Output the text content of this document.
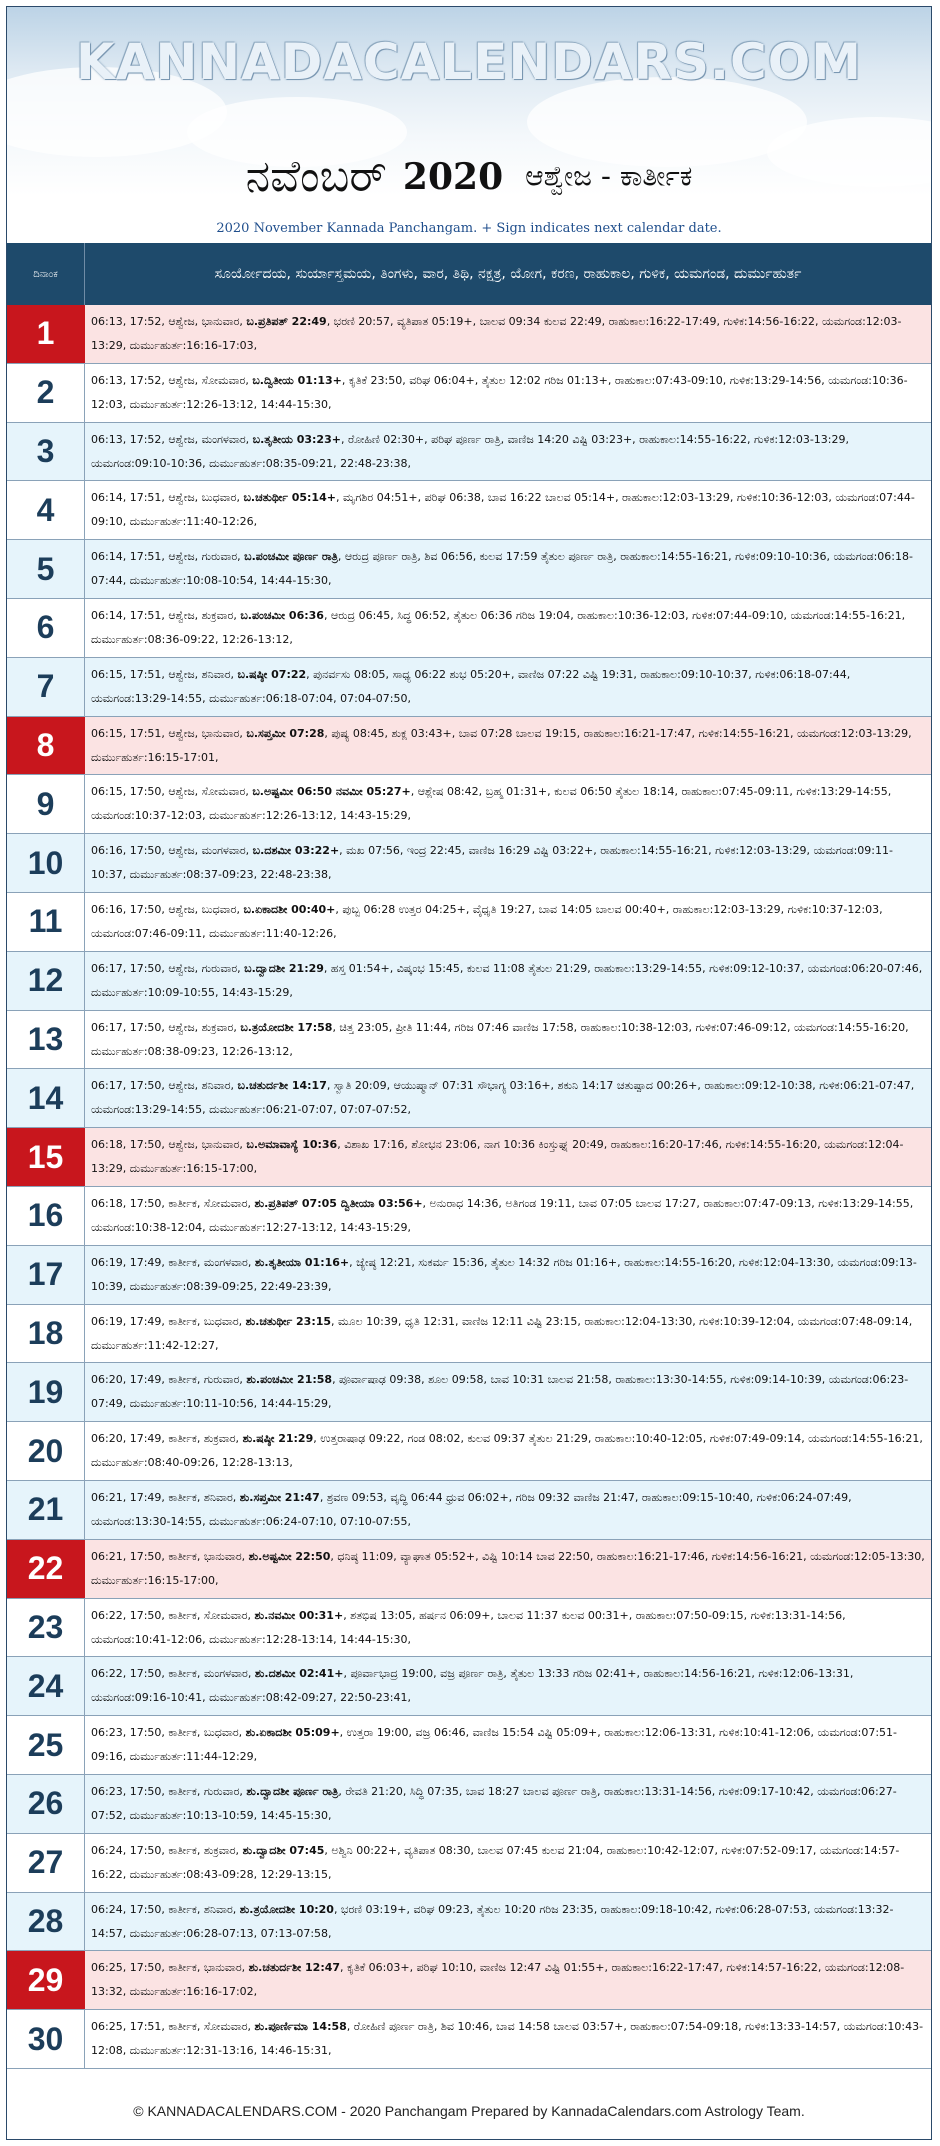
KANNADACALENDARS.COM
ನವೆಂಬರ್ 2020 ಆಶ್ವೇಜ - ಕಾರ್ತೀಕ
2020 November Kannada Panchangam. + Sign indicates next calendar date.
ದಿನಾಂಕ	ಸೂರ್ಯೋದಯ, ಸುರ್ಯಾಸ್ತಮಯ, ತಿಂಗಳು, ವಾರ, ತಿಥಿ, ನಕ್ಷತ್ರ, ಯೋಗ, ಕರಣ, ರಾಹುಕಾಲ, ಗುಳಿಕ, ಯಮಗಂಡ, ದುರ್ಮುಹುರ್ತ
1	06:13, 17:52, ಆಶ್ವೇಜ, ಭಾನುವಾರ, ಬ.ಪ್ರತಿಪತ್ 22:49, ಭರಣಿ 20:57, ವ್ಯತಿಪಾತ 05:19+, ಬಾಲವ 09:34 ಕುಲವ 22:49, ರಾಹುಕಾಲ:16:22-17:49, ಗುಳಿಕ:14:56-16:22, ಯಮಗಂಡ:12:03-13:29, ದುರ್ಮುಹುರ್ತ:16:16-17:03,
2	06:13, 17:52, ಆಶ್ವೇಜ, ಸೋಮವಾರ, ಬ.ದ್ವಿತೀಯ 01:13+, ಕೃತಿಕೆ 23:50, ವರಿಘ 06:04+, ತೈತುಲ 12:02 ಗರಿಜ 01:13+, ರಾಹುಕಾಲ:07:43-09:10, ಗುಳಿಕ:13:29-14:56, ಯಮಗಂಡ:10:36-12:03, ದುರ್ಮುಹುರ್ತ:12:26-13:12, 14:44-15:30,
3	06:13, 17:52, ಆಶ್ವೇಜ, ಮಂಗಳವಾರ, ಬ.ತೃತೀಯ 03:23+, ರೋಹಿಣಿ 02:30+, ಪರಿಘ ಪೂರ್ಣ ರಾತ್ರಿ, ವಾಣಿಜ 14:20 ವಿಷ್ಟಿ 03:23+, ರಾಹುಕಾಲ:14:55-16:22, ಗುಳಿಕ:12:03-13:29, ಯಮಗಂಡ:09:10-10:36, ದುರ್ಮುಹುರ್ತ:08:35-09:21, 22:48-23:38,
4	06:14, 17:51, ಆಶ್ವೇಜ, ಬುಧವಾರ, ಬ.ಚತುರ್ಥೀ 05:14+, ಮೃಗಶಿರ 04:51+, ಪರಿಘ 06:38, ಬಾವ 16:22 ಬಾಲವ 05:14+, ರಾಹುಕಾಲ:12:03-13:29, ಗುಳಿಕ:10:36-12:03, ಯಮಗಂಡ:07:44-09:10, ದುರ್ಮುಹುರ್ತ:11:40-12:26,
5	06:14, 17:51, ಆಶ್ವೇಜ, ಗುರುವಾರ, ಬ.ಪಂಚಮೀ ಪೂರ್ಣ ರಾತ್ರಿ, ಆರುದ್ರ ಪೂರ್ಣ ರಾತ್ರಿ, ಶಿವ 06:56, ಕುಲವ 17:59 ತೈತುಲ ಪೂರ್ಣ ರಾತ್ರಿ, ರಾಹುಕಾಲ:14:55-16:21, ಗುಳಿಕ:09:10-10:36, ಯಮಗಂಡ:06:18-07:44, ದುರ್ಮುಹುರ್ತ:10:08-10:54, 14:44-15:30,
6	06:14, 17:51, ಆಶ್ವೇಜ, ಶುಕ್ರವಾರ, ಬ.ಪಂಚಮೀ 06:36, ಆರುದ್ರ 06:45, ಸಿದ್ಧ 06:52, ತೈತುಲ 06:36 ಗರಿಜ 19:04, ರಾಹುಕಾಲ:10:36-12:03, ಗುಳಿಕ:07:44-09:10, ಯಮಗಂಡ:14:55-16:21, ದುರ್ಮುಹುರ್ತ:08:36-09:22, 12:26-13:12,
7	06:15, 17:51, ಆಶ್ವೇಜ, ಶನಿವಾರ, ಬ.ಷಷ್ಠೀ 07:22, ಪುನರ್ವಸು 08:05, ಸಾಧ್ಯ 06:22 ಶುಭ 05:20+, ವಾಣಿಜ 07:22 ವಿಷ್ಟಿ 19:31, ರಾಹುಕಾಲ:09:10-10:37, ಗುಳಿಕ:06:18-07:44, ಯಮಗಂಡ:13:29-14:55, ದುರ್ಮುಹುರ್ತ:06:18-07:04, 07:04-07:50,
8	06:15, 17:51, ಆಶ್ವೇಜ, ಭಾನುವಾರ, ಬ.ಸಪ್ತಮೀ 07:28, ಪುಷ್ಯ 08:45, ಶುಕ್ಲ 03:43+, ಬಾವ 07:28 ಬಾಲವ 19:15, ರಾಹುಕಾಲ:16:21-17:47, ಗುಳಿಕ:14:55-16:21, ಯಮಗಂಡ:12:03-13:29, ದುರ್ಮುಹುರ್ತ:16:15-17:01,
9	06:15, 17:50, ಆಶ್ವೇಜ, ಸೋಮವಾರ, ಬ.ಅಷ್ಟಮೀ 06:50 ನವಮೀ 05:27+, ಆಶ್ಲೇಷ 08:42, ಬ್ರಹ್ಮ 01:31+, ಕುಲವ 06:50 ತೈತುಲ 18:14, ರಾಹುಕಾಲ:07:45-09:11, ಗುಳಿಕ:13:29-14:55, ಯಮಗಂಡ:10:37-12:03, ದುರ್ಮುಹುರ್ತ:12:26-13:12, 14:43-15:29,
10	06:16, 17:50, ಆಶ್ವೇಜ, ಮಂಗಳವಾರ, ಬ.ದಶಮೀ 03:22+, ಮಖ 07:56, ಇಂದ್ರ 22:45, ವಾಣಿಜ 16:29 ವಿಷ್ಟಿ 03:22+, ರಾಹುಕಾಲ:14:55-16:21, ಗುಳಿಕ:12:03-13:29, ಯಮಗಂಡ:09:11-10:37, ದುರ್ಮುಹುರ್ತ:08:37-09:23, 22:48-23:38,
11	06:16, 17:50, ಆಶ್ವೇಜ, ಬುಧವಾರ, ಬ.ಏಕಾದಶೀ 00:40+, ಪುಬ್ಬ 06:28 ಉತ್ತರ 04:25+, ವೈಧೃತಿ 19:27, ಬಾವ 14:05 ಬಾಲವ 00:40+, ರಾಹುಕಾಲ:12:03-13:29, ಗುಳಿಕ:10:37-12:03, ಯಮಗಂಡ:07:46-09:11, ದುರ್ಮುಹುರ್ತ:11:40-12:26,
12	06:17, 17:50, ಆಶ್ವೇಜ, ಗುರುವಾರ, ಬ.ದ್ವಾದಶೀ 21:29, ಹಸ್ತ 01:54+, ವಿಷ್ಕಂಭ 15:45, ಕುಲವ 11:08 ತೈತುಲ 21:29, ರಾಹುಕಾಲ:13:29-14:55, ಗುಳಿಕ:09:12-10:37, ಯಮಗಂಡ:06:20-07:46, ದುರ್ಮುಹುರ್ತ:10:09-10:55, 14:43-15:29,
13	06:17, 17:50, ಆಶ್ವೇಜ, ಶುಕ್ರವಾರ, ಬ.ತ್ರಯೋದಶೀ 17:58, ಚಿತ್ತ 23:05, ಪ್ರೀತಿ 11:44, ಗರಿಜ 07:46 ವಾಣಿಜ 17:58, ರಾಹುಕಾಲ:10:38-12:03, ಗುಳಿಕ:07:46-09:12, ಯಮಗಂಡ:14:55-16:20, ದುರ್ಮುಹುರ್ತ:08:38-09:23, 12:26-13:12,
14	06:17, 17:50, ಆಶ್ವೇಜ, ಶನಿವಾರ, ಬ.ಚತುರ್ದಶೀ 14:17, ಸ್ವಾತಿ 20:09, ಆಯುಷ್ಮಾನ್ 07:31 ಸೌಭಾಗ್ಯ 03:16+, ಶಕುನಿ 14:17 ಚತುಷ್ಪಾದ 00:26+, ರಾಹುಕಾಲ:09:12-10:38, ಗುಳಿಕ:06:21-07:47, ಯಮಗಂಡ:13:29-14:55, ದುರ್ಮುಹುರ್ತ:06:21-07:07, 07:07-07:52,
15	06:18, 17:50, ಆಶ್ವೇಜ, ಭಾನುವಾರ, ಬ.ಅಮಾವಾಸ್ಯೆ 10:36, ವಿಶಾಖ 17:16, ಶೋಭನ 23:06, ನಾಗ 10:36 ಕಿಂಸ್ತುಘ್ನ 20:49, ರಾಹುಕಾಲ:16:20-17:46, ಗುಳಿಕ:14:55-16:20, ಯಮಗಂಡ:12:04-13:29, ದುರ್ಮುಹುರ್ತ:16:15-17:00,
16	06:18, 17:50, ಕಾರ್ತೀಕ, ಸೋಮವಾರ, ಶು.ಪ್ರತಿಪತ್ 07:05 ದ್ವಿತೀಯಾ 03:56+, ಅನುರಾಧ 14:36, ಅತಿಗಂಡ 19:11, ಬಾವ 07:05 ಬಾಲವ 17:27, ರಾಹುಕಾಲ:07:47-09:13, ಗುಳಿಕ:13:29-14:55, ಯಮಗಂಡ:10:38-12:04, ದುರ್ಮುಹುರ್ತ:12:27-13:12, 14:43-15:29,
17	06:19, 17:49, ಕಾರ್ತೀಕ, ಮಂಗಳವಾರ, ಶು.ತೃತೀಯಾ 01:16+, ಜ್ಯೇಷ್ಠ 12:21, ಸುಕರ್ಮ 15:36, ತೈತುಲ 14:32 ಗರಿಜ 01:16+, ರಾಹುಕಾಲ:14:55-16:20, ಗುಳಿಕ:12:04-13:30, ಯಮಗಂಡ:09:13-10:39, ದುರ್ಮುಹುರ್ತ:08:39-09:25, 22:49-23:39,
18	06:19, 17:49, ಕಾರ್ತೀಕ, ಬುಧವಾರ, ಶು.ಚತುರ್ಥೀ 23:15, ಮೂಲ 10:39, ಧೃತಿ 12:31, ವಾಣಿಜ 12:11 ವಿಷ್ಟಿ 23:15, ರಾಹುಕಾಲ:12:04-13:30, ಗುಳಿಕ:10:39-12:04, ಯಮಗಂಡ:07:48-09:14, ದುರ್ಮುಹುರ್ತ:11:42-12:27,
19	06:20, 17:49, ಕಾರ್ತೀಕ, ಗುರುವಾರ, ಶು.ಪಂಚಮೀ 21:58, ಪೂರ್ವಾಷಾಢ 09:38, ಶೂಲ 09:58, ಬಾವ 10:31 ಬಾಲವ 21:58, ರಾಹುಕಾಲ:13:30-14:55, ಗುಳಿಕ:09:14-10:39, ಯಮಗಂಡ:06:23-07:49, ದುರ್ಮುಹುರ್ತ:10:11-10:56, 14:44-15:29,
20	06:20, 17:49, ಕಾರ್ತೀಕ, ಶುಕ್ರವಾರ, ಶು.ಷಷ್ಠೀ 21:29, ಉತ್ತರಾಷಾಢ 09:22, ಗಂಡ 08:02, ಕುಲವ 09:37 ತೈತುಲ 21:29, ರಾಹುಕಾಲ:10:40-12:05, ಗುಳಿಕ:07:49-09:14, ಯಮಗಂಡ:14:55-16:21, ದುರ್ಮುಹುರ್ತ:08:40-09:26, 12:28-13:13,
21	06:21, 17:49, ಕಾರ್ತೀಕ, ಶನಿವಾರ, ಶು.ಸಪ್ತಮೀ 21:47, ಶ್ರವಣ 09:53, ವೃದ್ಧಿ 06:44 ಧ್ರುವ 06:02+, ಗರಿಜ 09:32 ವಾಣಿಜ 21:47, ರಾಹುಕಾಲ:09:15-10:40, ಗುಳಿಕ:06:24-07:49, ಯಮಗಂಡ:13:30-14:55, ದುರ್ಮುಹುರ್ತ:06:24-07:10, 07:10-07:55,
22	06:21, 17:50, ಕಾರ್ತೀಕ, ಭಾನುವಾರ, ಶು.ಅಷ್ಟಮೀ 22:50, ಧನಿಷ್ಠ 11:09, ವ್ಯಾಘಾತ 05:52+, ವಿಷ್ಟಿ 10:14 ಬಾವ 22:50, ರಾಹುಕಾಲ:16:21-17:46, ಗುಳಿಕ:14:56-16:21, ಯಮಗಂಡ:12:05-13:30, ದುರ್ಮುಹುರ್ತ:16:15-17:00,
23	06:22, 17:50, ಕಾರ್ತೀಕ, ಸೋಮವಾರ, ಶು.ನವಮೀ 00:31+, ಶತಭಿಷ 13:05, ಹರ್ಷನ 06:09+, ಬಾಲವ 11:37 ಕುಲವ 00:31+, ರಾಹುಕಾಲ:07:50-09:15, ಗುಳಿಕ:13:31-14:56, ಯಮಗಂಡ:10:41-12:06, ದುರ್ಮುಹುರ್ತ:12:28-13:14, 14:44-15:30,
24	06:22, 17:50, ಕಾರ್ತೀಕ, ಮಂಗಳವಾರ, ಶು.ದಶಮೀ 02:41+, ಪೂರ್ವಾಭಾದ್ರ 19:00, ವಜ್ರ ಪೂರ್ಣ ರಾತ್ರಿ, ತೈತುಲ 13:33 ಗರಿಜ 02:41+, ರಾಹುಕಾಲ:14:56-16:21, ಗುಳಿಕ:12:06-13:31, ಯಮಗಂಡ:09:16-10:41, ದುರ್ಮುಹುರ್ತ:08:42-09:27, 22:50-23:41,
25	06:23, 17:50, ಕಾರ್ತೀಕ, ಬುಧವಾರ, ಶು.ಏಕಾದಶೀ 05:09+, ಉತ್ತರಾ 19:00, ವಜ್ರ 06:46, ವಾಣಿಜ 15:54 ವಿಷ್ಟಿ 05:09+, ರಾಹುಕಾಲ:12:06-13:31, ಗುಳಿಕ:10:41-12:06, ಯಮಗಂಡ:07:51-09:16, ದುರ್ಮುಹುರ್ತ:11:44-12:29,
26	06:23, 17:50, ಕಾರ್ತೀಕ, ಗುರುವಾರ, ಶು.ದ್ವಾದಶೀ ಪೂರ್ಣ ರಾತ್ರಿ, ರೇವತಿ 21:20, ಸಿದ್ಧಿ 07:35, ಬಾವ 18:27 ಬಾಲವ ಪೂರ್ಣ ರಾತ್ರಿ, ರಾಹುಕಾಲ:13:31-14:56, ಗುಳಿಕ:09:17-10:42, ಯಮಗಂಡ:06:27-07:52, ದುರ್ಮುಹುರ್ತ:10:13-10:59, 14:45-15:30,
27	06:24, 17:50, ಕಾರ್ತೀಕ, ಶುಕ್ರವಾರ, ಶು.ದ್ವಾದಶೀ 07:45, ಅಶ್ವಿನಿ 00:22+, ವ್ಯತಿಪಾತ 08:30, ಬಾಲವ 07:45 ಕುಲವ 21:04, ರಾಹುಕಾಲ:10:42-12:07, ಗುಳಿಕ:07:52-09:17, ಯಮಗಂಡ:14:57-16:22, ದುರ್ಮುಹುರ್ತ:08:43-09:28, 12:29-13:15,
28	06:24, 17:50, ಕಾರ್ತೀಕ, ಶನಿವಾರ, ಶು.ತ್ರಯೋದಶೀ 10:20, ಭರಣಿ 03:19+, ವರಿಘ 09:23, ತೈತುಲ 10:20 ಗರಿಜ 23:35, ರಾಹುಕಾಲ:09:18-10:42, ಗುಳಿಕ:06:28-07:53, ಯಮಗಂಡ:13:32-14:57, ದುರ್ಮುಹುರ್ತ:06:28-07:13, 07:13-07:58,
29	06:25, 17:50, ಕಾರ್ತೀಕ, ಭಾನುವಾರ, ಶು.ಚತುರ್ದಶೀ 12:47, ಕೃತಿಕೆ 06:03+, ಪರಿಘ 10:10, ವಾಣಿಜ 12:47 ವಿಷ್ಟಿ 01:55+, ರಾಹುಕಾಲ:16:22-17:47, ಗುಳಿಕ:14:57-16:22, ಯಮಗಂಡ:12:08-13:32, ದುರ್ಮುಹುರ್ತ:16:16-17:02,
30	06:25, 17:51, ಕಾರ್ತೀಕ, ಸೋಮವಾರ, ಶು.ಪೂರ್ಣಿಮಾ 14:58, ರೋಹಿಣಿ ಪೂರ್ಣ ರಾತ್ರಿ, ಶಿವ 10:46, ಬಾವ 14:58 ಬಾಲವ 03:57+, ರಾಹುಕಾಲ:07:54-09:18, ಗುಳಿಕ:13:33-14:57, ಯಮಗಂಡ:10:43-12:08, ದುರ್ಮುಹುರ್ತ:12:31-13:16, 14:46-15:31,
© KANNADACALENDARS.COM - 2020 Panchangam Prepared by KannadaCalendars.com Astrology Team.
